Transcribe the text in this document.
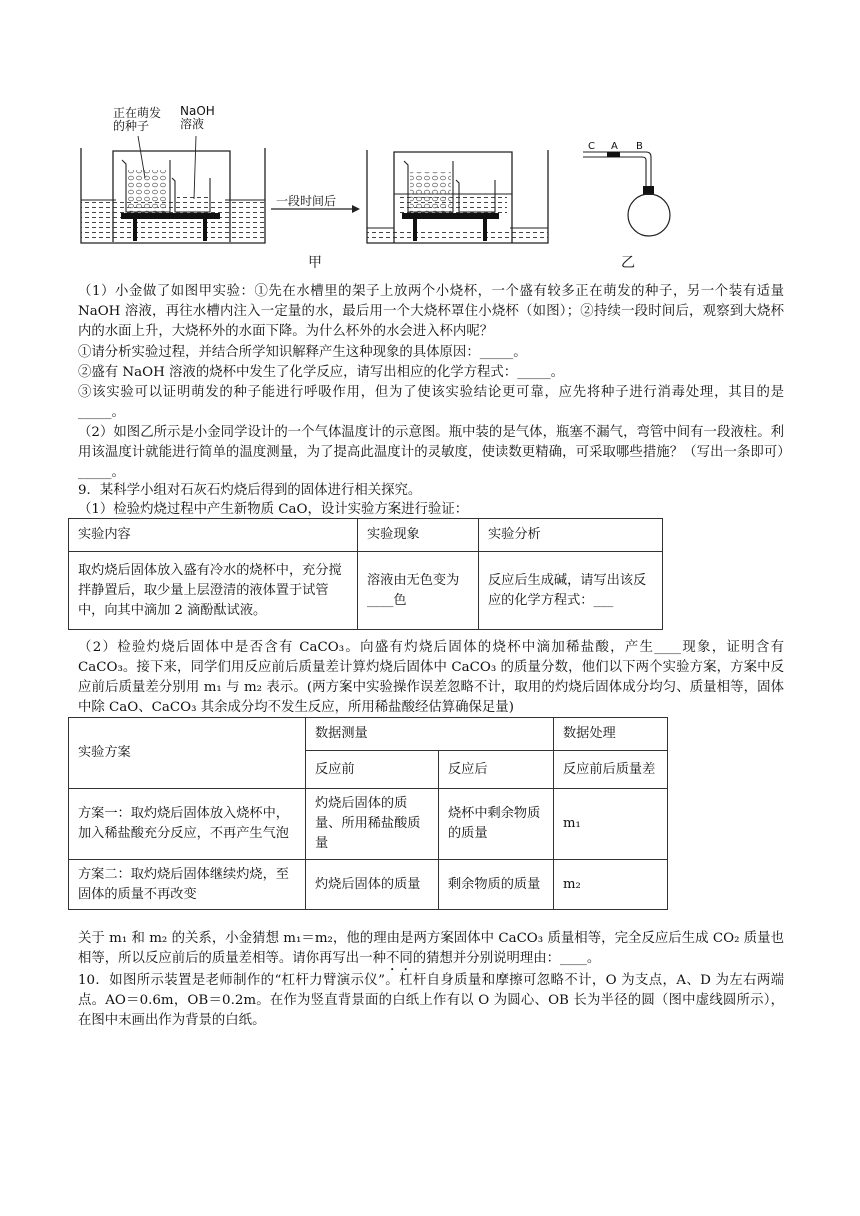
正在萌发
的种子
NaOH
溶液
一段时间后
C A B
甲	乙
（1）小金做了如图甲实验：①先在水槽里的架子上放两个小烧杯，一个盛有较多正在萌发的种子，另一个装有适量 NaOH 溶液，再往水槽内注入一定量的水，最后用一个大烧杯罩住小烧杯（如图）；②持续一段时间后，观察到大烧杯内的水面上升，大烧杯外的水面下降。为什么杯外的水会进入杯内呢？
①请分析实验过程，并结合所学知识解释产生这种现象的具体原因：_____。
②盛有 NaOH 溶液的烧杯中发生了化学反应，请写出相应的化学方程式：_____。
③该实验可以证明萌发的种子能进行呼吸作用，但为了使该实验结论更可靠，应先将种子进行消毒处理，其目的是_____。
（2）如图乙所示是小金同学设计的一个气体温度计的示意图。瓶中装的是气体，瓶塞不漏气，弯管中间有一段液柱。利用该温度计就能进行简单的温度测量，为了提高此温度计的灵敏度，使读数更精确，可采取哪些措施？（写出一条即可）_____。
9．某科学小组对石灰石灼烧后得到的固体进行相关探究。
（1）检验灼烧过程中产生新物质 CaO，设计实验方案进行验证：
实验内容	实验现象	实验分析
取灼烧后固体放入盛有冷水的烧杯中，充分搅拌静置后，取少量上层澄清的液体置于试管中，向其中滴加 2 滴酚酞试液。	溶液由无色变为____色	反应后生成碱，请写出该反应的化学方程式：___
（2）检验灼烧后固体中是否含有 CaCO₃。向盛有灼烧后固体的烧杯中滴加稀盐酸，产生____现象，证明含有 CaCO₃。接下来，同学们用反应前后质量差计算灼烧后固体中 CaCO₃ 的质量分数，他们以下两个实验方案，方案中反应前后质量差分别用 m₁ 与 m₂ 表示。(两方案中实验操作误差忽略不计，取用的灼烧后固体成分均匀、质量相等，固体中除 CaO、CaCO₃ 其余成分均不发生反应，所用稀盐酸经估算确保足量)
实验方案	数据测量		数据处理
	反应前	反应后	反应前后质量差
方案一：取灼烧后固体放入烧杯中，加入稀盐酸充分反应，不再产生气泡	灼烧后固体的质量、所用稀盐酸质量	烧杯中剩余物质的质量	m₁
方案二：取灼烧后固体继续灼烧，至固体的质量不再改变	灼烧后固体的质量	剩余物质的质量	m₂
关于 m₁ 和 m₂ 的关系，小金猜想 m₁＝m₂，他的理由是两方案固体中 CaCO₃ 质量相等，完全反应后生成 CO₂ 质量也相等，所以反应前后的质量差相等。请你再写出一种不同的猜想并分别说明理由：____。
10．如图所示装置是老师制作的“杠杆力臂演示仪”。杠杆自身质量和摩擦可忽略不计，O 为支点，A、D 为左右两端点。AO＝0.6m，OB＝0.2m。在作为竖直背景面的白纸上作有以 O 为圆心、OB 长为半径的圆（图中虚线圆所示），在图中末画出作为背景的白纸。
